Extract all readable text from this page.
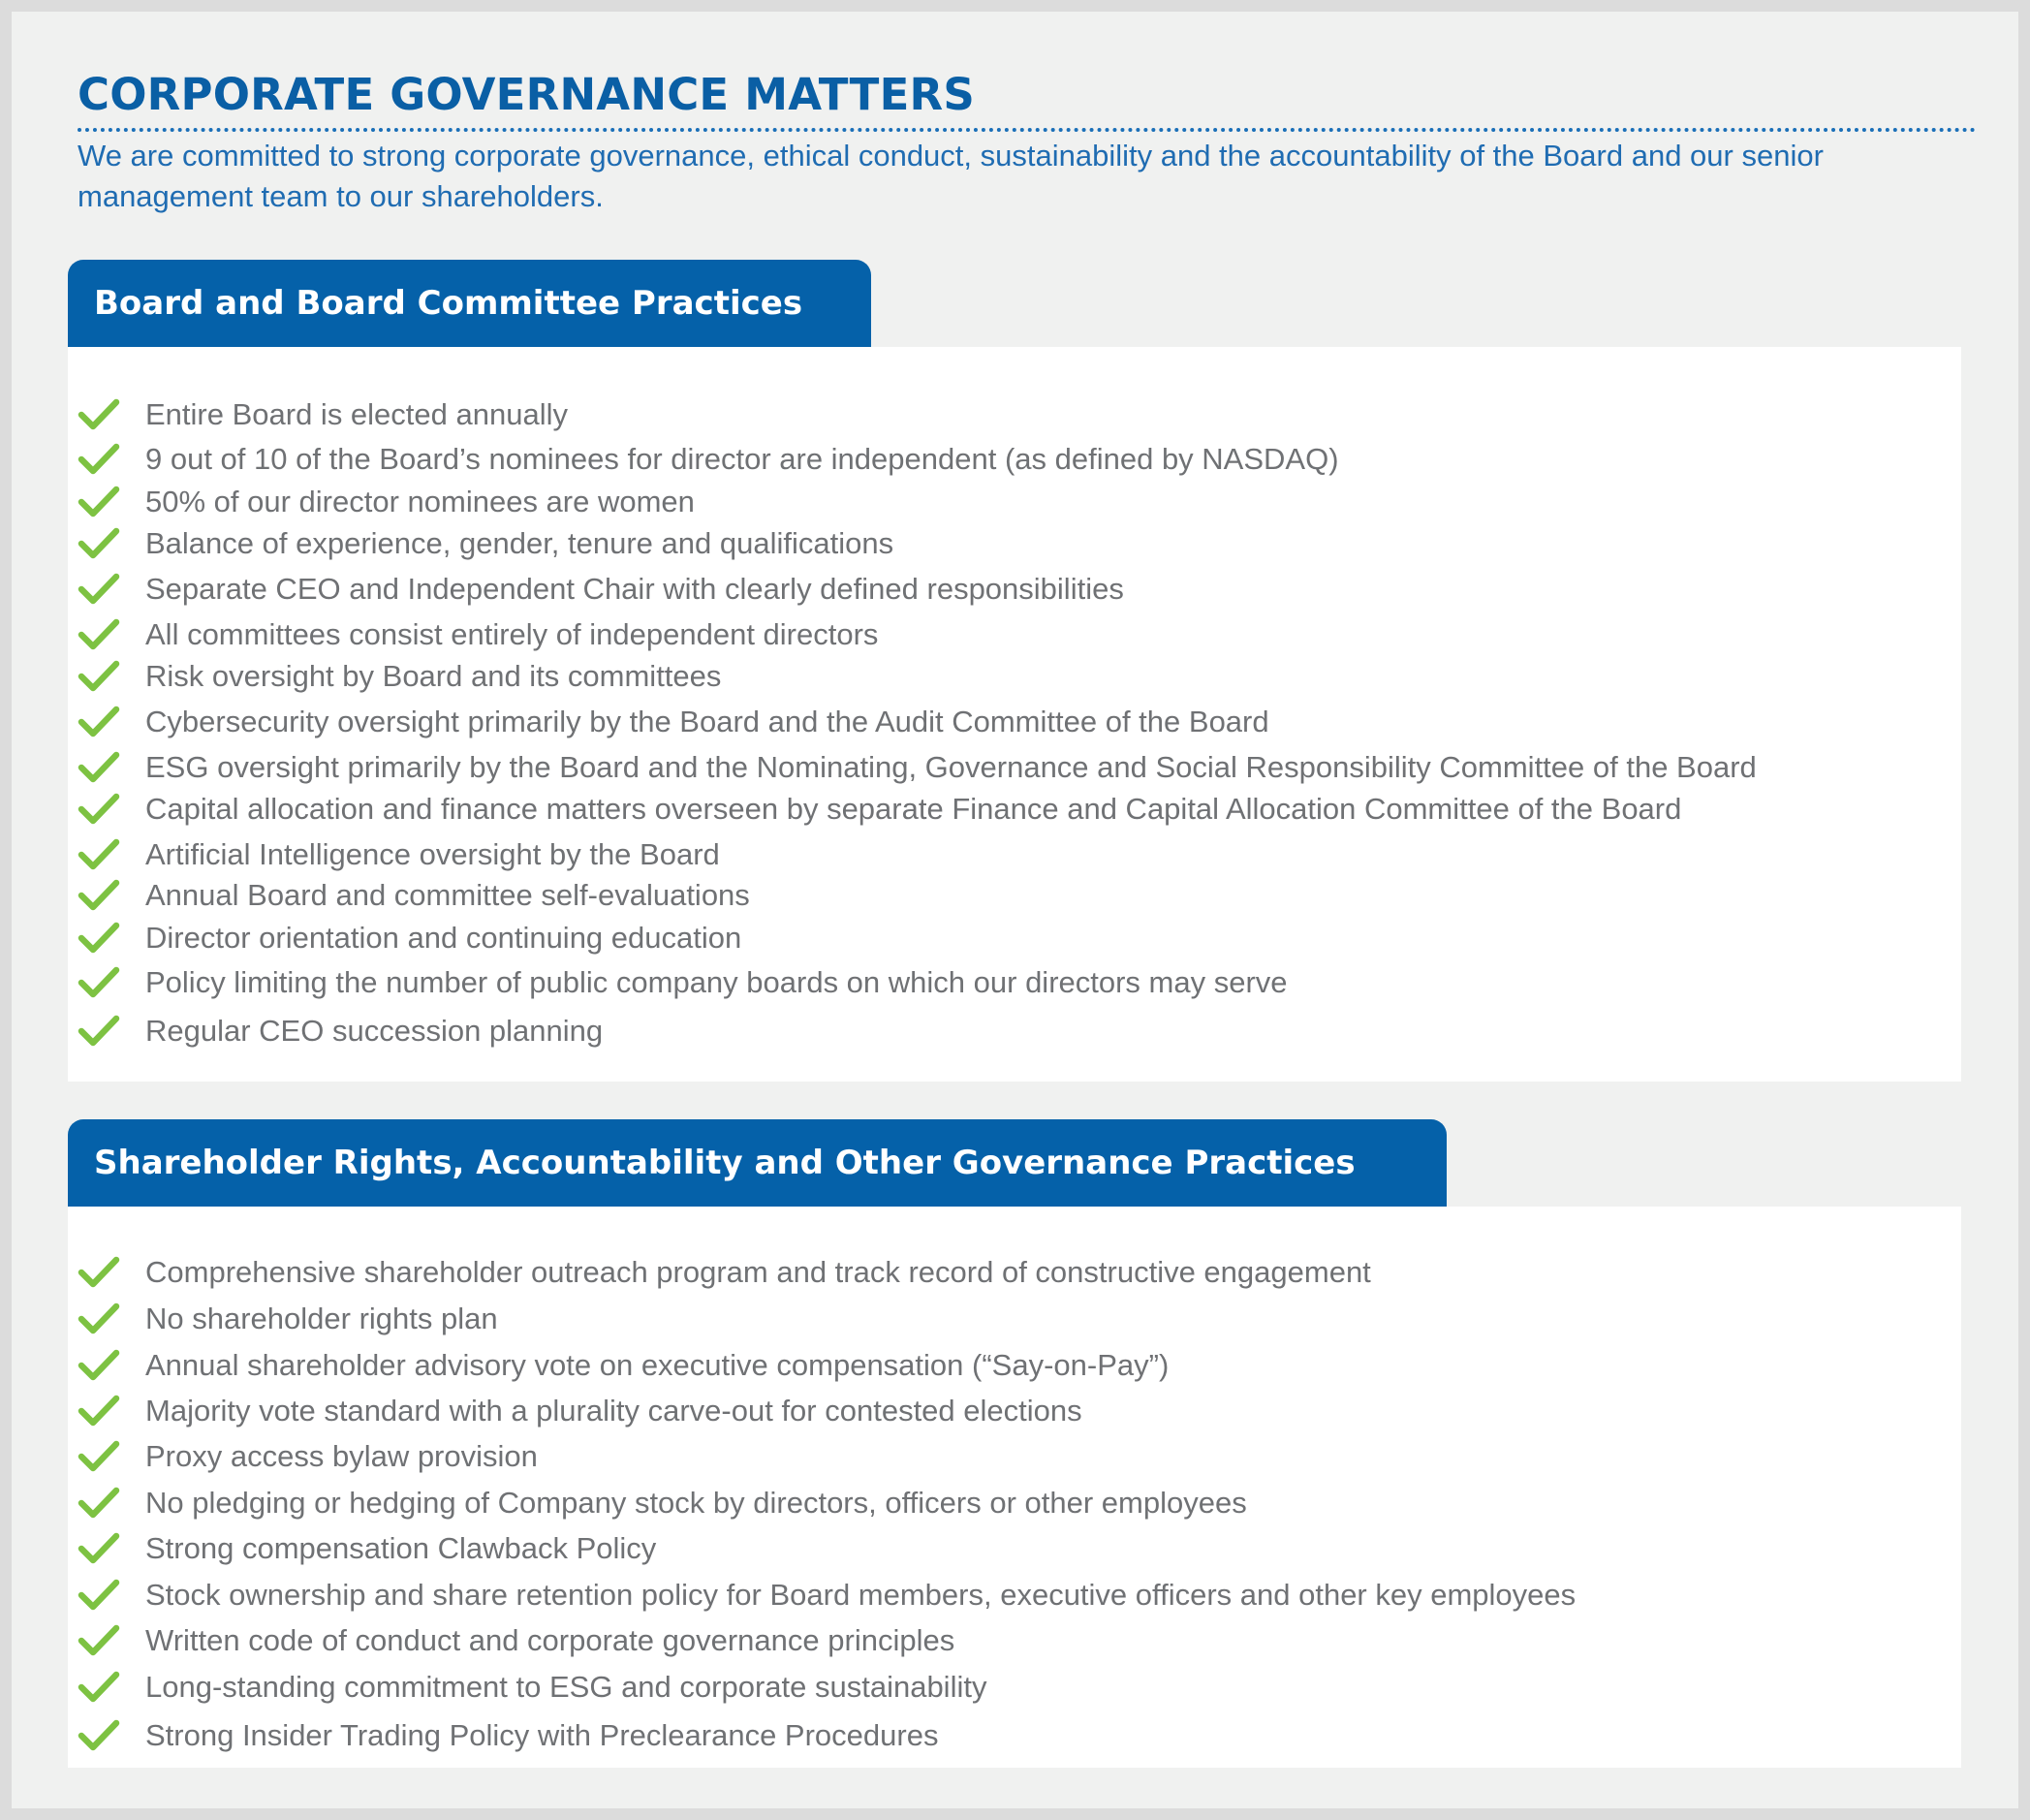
CORPORATE GOVERNANCE MATTERS

We are committed to strong corporate governance, ethical conduct, sustainability and the accountability of the Board and our senior management team to our shareholders.

Board and Board Committee Practices
Entire Board is elected annually
9 out of 10 of the Board’s nominees for director are independent (as defined by NASDAQ)
50% of our director nominees are women
Balance of experience, gender, tenure and qualifications
Separate CEO and Independent Chair with clearly defined responsibilities
All committees consist entirely of independent directors
Risk oversight by Board and its committees
Cybersecurity oversight primarily by the Board and the Audit Committee of the Board
ESG oversight primarily by the Board and the Nominating, Governance and Social Responsibility Committee of the Board
Capital allocation and finance matters overseen by separate Finance and Capital Allocation Committee of the Board
Artificial Intelligence oversight by the Board
Annual Board and committee self-evaluations
Director orientation and continuing education
Policy limiting the number of public company boards on which our directors may serve
Regular CEO succession planning
Shareholder Rights, Accountability and Other Governance Practices
Comprehensive shareholder outreach program and track record of constructive engagement
No shareholder rights plan
Annual shareholder advisory vote on executive compensation (“Say-on-Pay”)
Majority vote standard with a plurality carve-out for contested elections
Proxy access bylaw provision
No pledging or hedging of Company stock by directors, officers or other employees
Strong compensation Clawback Policy
Stock ownership and share retention policy for Board members, executive officers and other key employees
Written code of conduct and corporate governance principles
Long-standing commitment to ESG and corporate sustainability
Strong Insider Trading Policy with Preclearance Procedures
